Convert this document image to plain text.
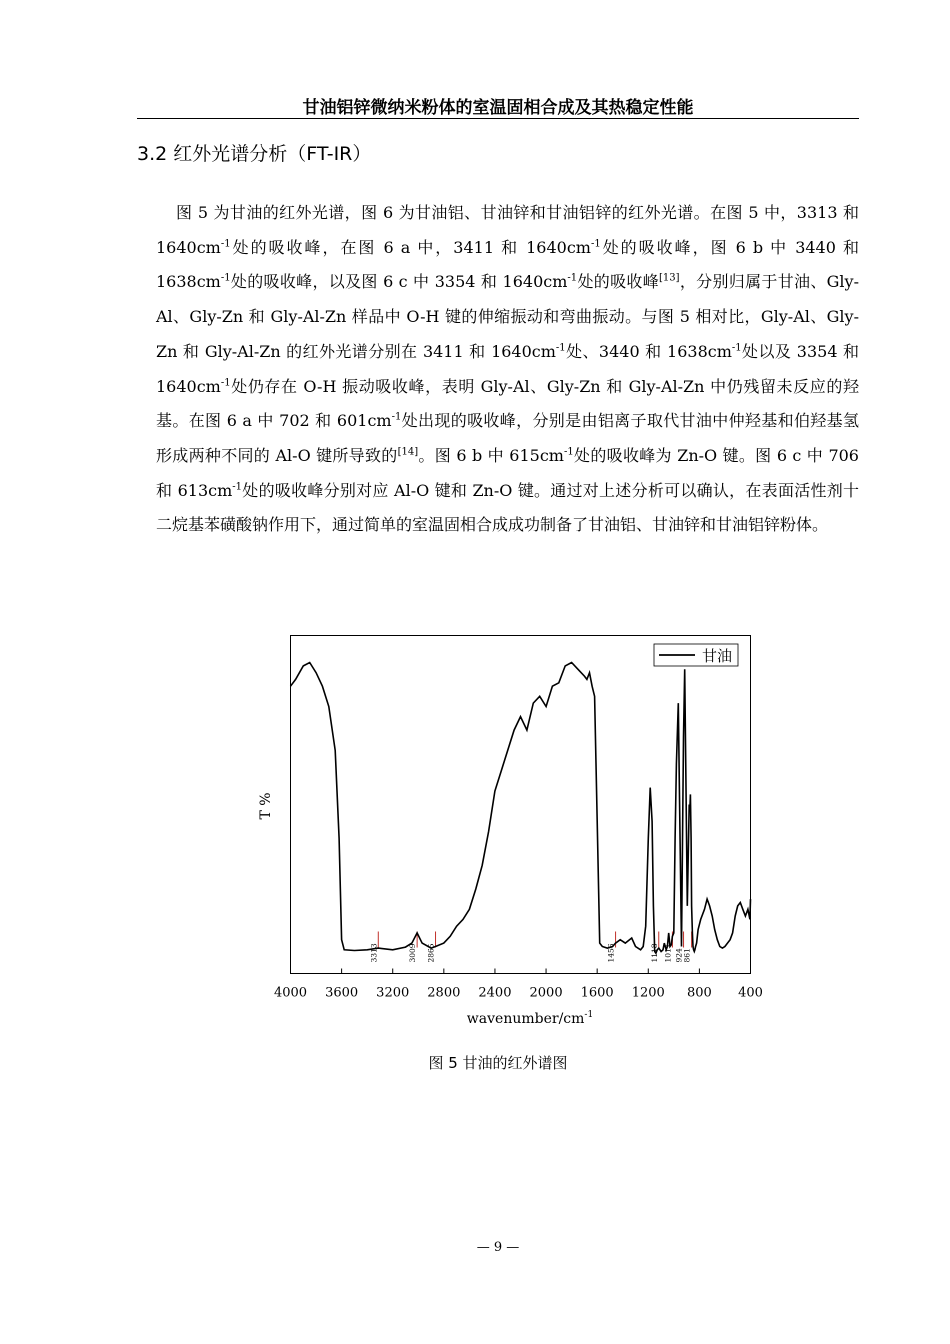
甘油铝锌微纳米粉体的室温固相合成及其热稳定性能
3.2 红外光谱分析（FT-IR）
图 5 为甘油的红外光谱，图 6 为甘油铝、甘油锌和甘油铝锌的红外光谱。在图 5 中，3313 和 $1640cm^{-1}$处的吸收峰，在图 6 a 中，3411 和 $1640cm^{-1}$处的吸收峰，图 6 b 中 3440 和 $1638cm^{-1}$处的吸收峰，以及图 6 c 中 3354 和 $1640cm^{-1}$处的吸收峰[13]，分别归属于甘油、Gly-Al、Gly-Zn 和 Gly-Al-Zn 样品中 O-H 键的伸缩振动和弯曲振动。与图 5 相对比，Gly-Al、Gly-Zn 和 Gly-Al-Zn 的红外光谱分别在 3411 和 $1640cm^{-1}$处、3440 和 $1638cm^{-1}$处以及 3354 和 $1640cm^{-1}$处仍存在 O-H 振动吸收峰，表明 Gly-Al、Gly-Zn 和 Gly-Al-Zn 中仍残留未反应的羟基。在图 6 a 中 702 和 $601cm^{-1}$处出现的吸收峰，分别是由铝离子取代甘油中仲羟基和伯羟基氢形成两种不同的 Al-O 键所导致的[14]。图 6 b 中 $615cm^{-1}$处的吸收峰为 Zn-O 键。图 6 c 中 706 和 $613cm^{-1}$处的吸收峰分别对应 Al-O 键和 Zn-O 键。通过对上述分析可以确认，在表面活性剂十二烷基苯磺酸钠作用下，通过简单的室温固相合成成功制备了甘油铝、甘油锌和甘油铝锌粉体。
4000 3600 3200 2800 2400 2000 1600 1200 800 400
3313	3009 2865	1456	1118 1011 924 861
甘油
T %
wavenumber/$cm^{-1}$
图 5 甘油的红外谱图
— 9 —
